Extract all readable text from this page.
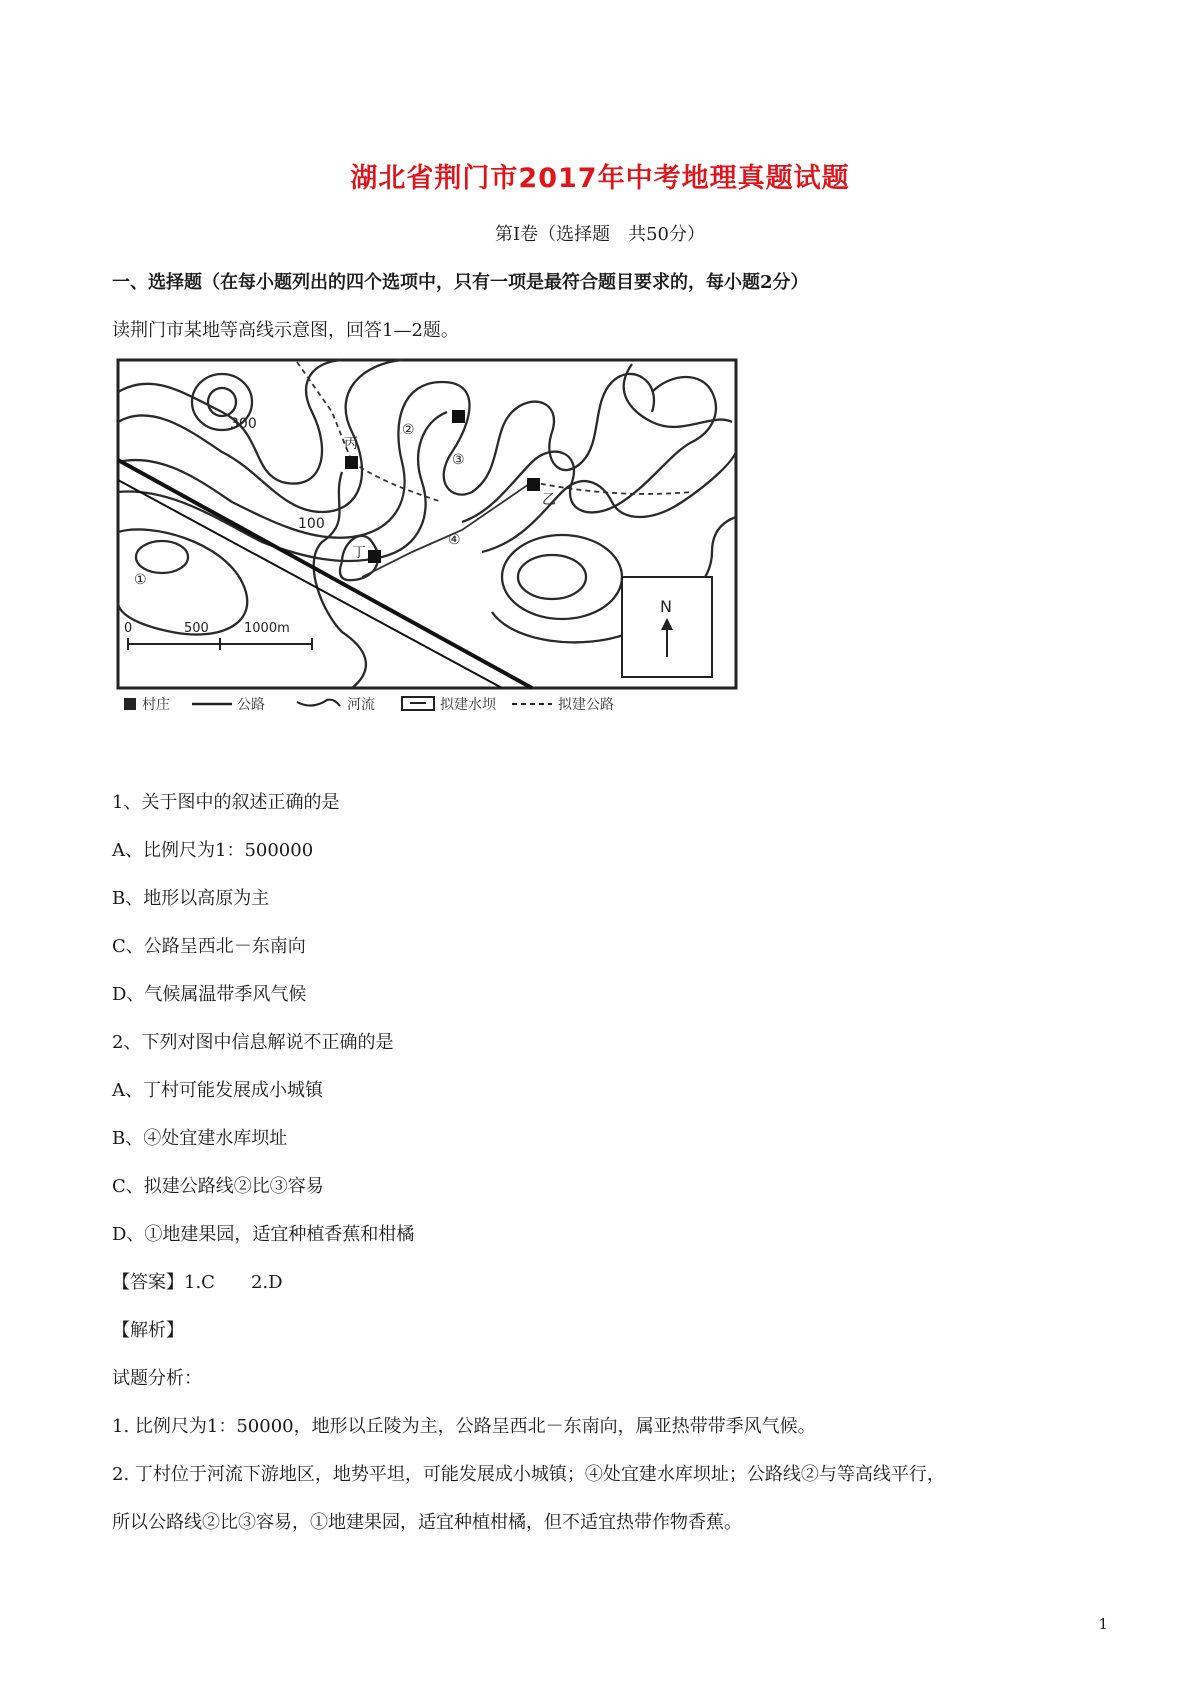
湖北省荆门市2017年中考地理真题试题
第Ⅰ卷（选择题　共50分）
一、选择题（在每小题列出的四个选项中，只有一项是最符合题目要求的，每小题2分）
读荆门市某地等高线示意图，回答1—2题。
300
100
丁
丙
乙
①
②
③
④
0	500	1000m
N
村庄	公路	河流	拟建水坝	拟建公路
1、关于图中的叙述正确的是
A、比例尺为1：500000
B、地形以高原为主
C、公路呈西北－东南向
D、气候属温带季风气候
2、下列对图中信息解说不正确的是
A、丁村可能发展成小城镇
B、④处宜建水库坝址
C、拟建公路线②比③容易
D、①地建果园，适宜种植香蕉和柑橘
【答案】1.C　　2.D
【解析】
试题分析：
1. 比例尺为1：50000，地形以丘陵为主，公路呈西北－东南向，属亚热带带季风气候。
2. 丁村位于河流下游地区，地势平坦，可能发展成小城镇；④处宜建水库坝址；公路线②与等高线平行，
所以公路线②比③容易，①地建果园，适宜种植柑橘，但不适宜热带作物香蕉。
1
